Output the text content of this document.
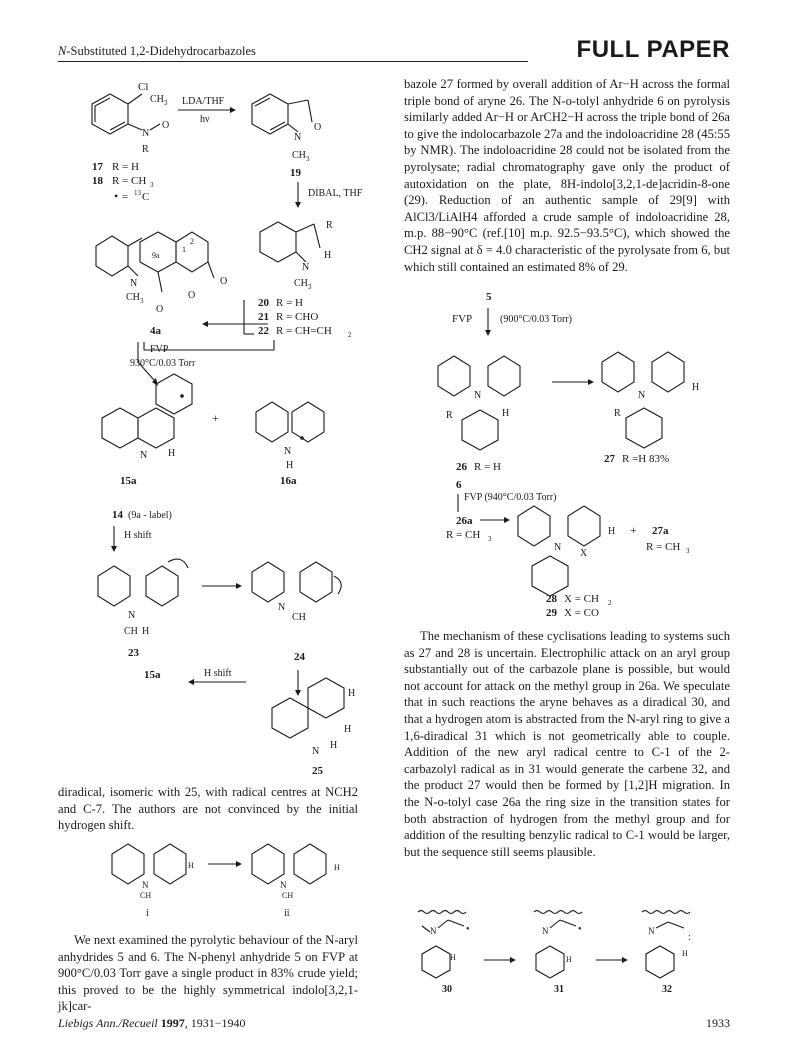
N-Substituted 1,2-Didehydrocarbazoles	FULL PAPER
Cl
CH 3
N
O
R
17 R = H
18 R = CH 3
• = 13 C
LDA/THF
hν
N
O
CH 3
19
DIBAL, THF
N
CH 3
9a
1
2
O
O
O
4a
R
H
N
CH 3
20 R = H
21 R = CHO
22 R = CH=CH 2
FVP
930°C/0.03 Torr
N H
15a
+
N
H
16a
14 (9a - label)
H shift
N
CH H
23
N
CH
24
15a	H shift
N
H
H
H
25

diradical, isomeric with 25, with radical centres at NCH2 and C-7. The authors are not convinced by the initial hydrogen shift.

N
CH
H
i
N
CH
H
ii

We next examined the pyrolytic behaviour of the N-aryl anhydrides 5 and 6. The N-phenyl anhydride 5 on FVP at 900°C/0.03 Torr gave a single product in 83% crude yield; this proved to be the highly symmetrical indolo[3,2,1-jk]car-

bazole 27 formed by overall addition of Ar−H across the formal triple bond of aryne 26. The N-o-tolyl anhydride 6 on pyrolysis similarly added Ar−H or ArCH2−H across the triple bond of 26a to give the indolocarbazole 27a and the indoloacridine 28 (45:55 by NMR). The indoloacridine 28 could not be isolated from the pyrolysate; radial chromatography gave only the product of autoxidation on the plate, 8H-indolo[3,2,1-de]acridin-8-one (29). Reduction of an authentic sample of 29[9] with AlCl3/LiAlH4 afforded a crude sample of indoloacridine 28, m.p. 88−90°C (ref.[10] m.p. 92.5−93.5°C), which showed the CH2 signal at δ = 4.0 characteristic of the pyrolysate from 6, but which still contained an estimated 8% of 29.

5
FVP	(900°C/0.03 Torr)
N
R	H
26 R = H
N
H
R
27 R =H 83%
6
FVP (940°C/0.03 Torr)
26a
R = CH 3
N
X
H + 27a
R = CH 3
28 X = CH 2
29 X = CO

The mechanism of these cyclisations leading to systems such as 27 and 28 is uncertain. Electrophilic attack on an aryl group substantially out of the carbazole plane is possible, but would not account for attack on the methyl group in 26a. We speculate that in such reactions the aryne behaves as a diradical 30, and that a hydrogen atom is abstracted from the N-aryl ring to give a 1,6-diradical 31 which is not geometrically able to couple. Addition of the new aryl radical centre to C-1 of the 2-carbazolyl radical as in 31 would generate the carbene 32, and the product 27 would then be formed by [1,2]H migration. In the N-o-tolyl case 26a the ring size in the transition states for both abstraction of hydrogen from the methyl group and for addition of the resulting benzylic radical to C-1 would be larger, but the sequence still seems plausible.

N	•
H
30
N	•
H
31
N
:
H
32
Liebigs Ann./Recueil 1997, 1931−1940	1933
